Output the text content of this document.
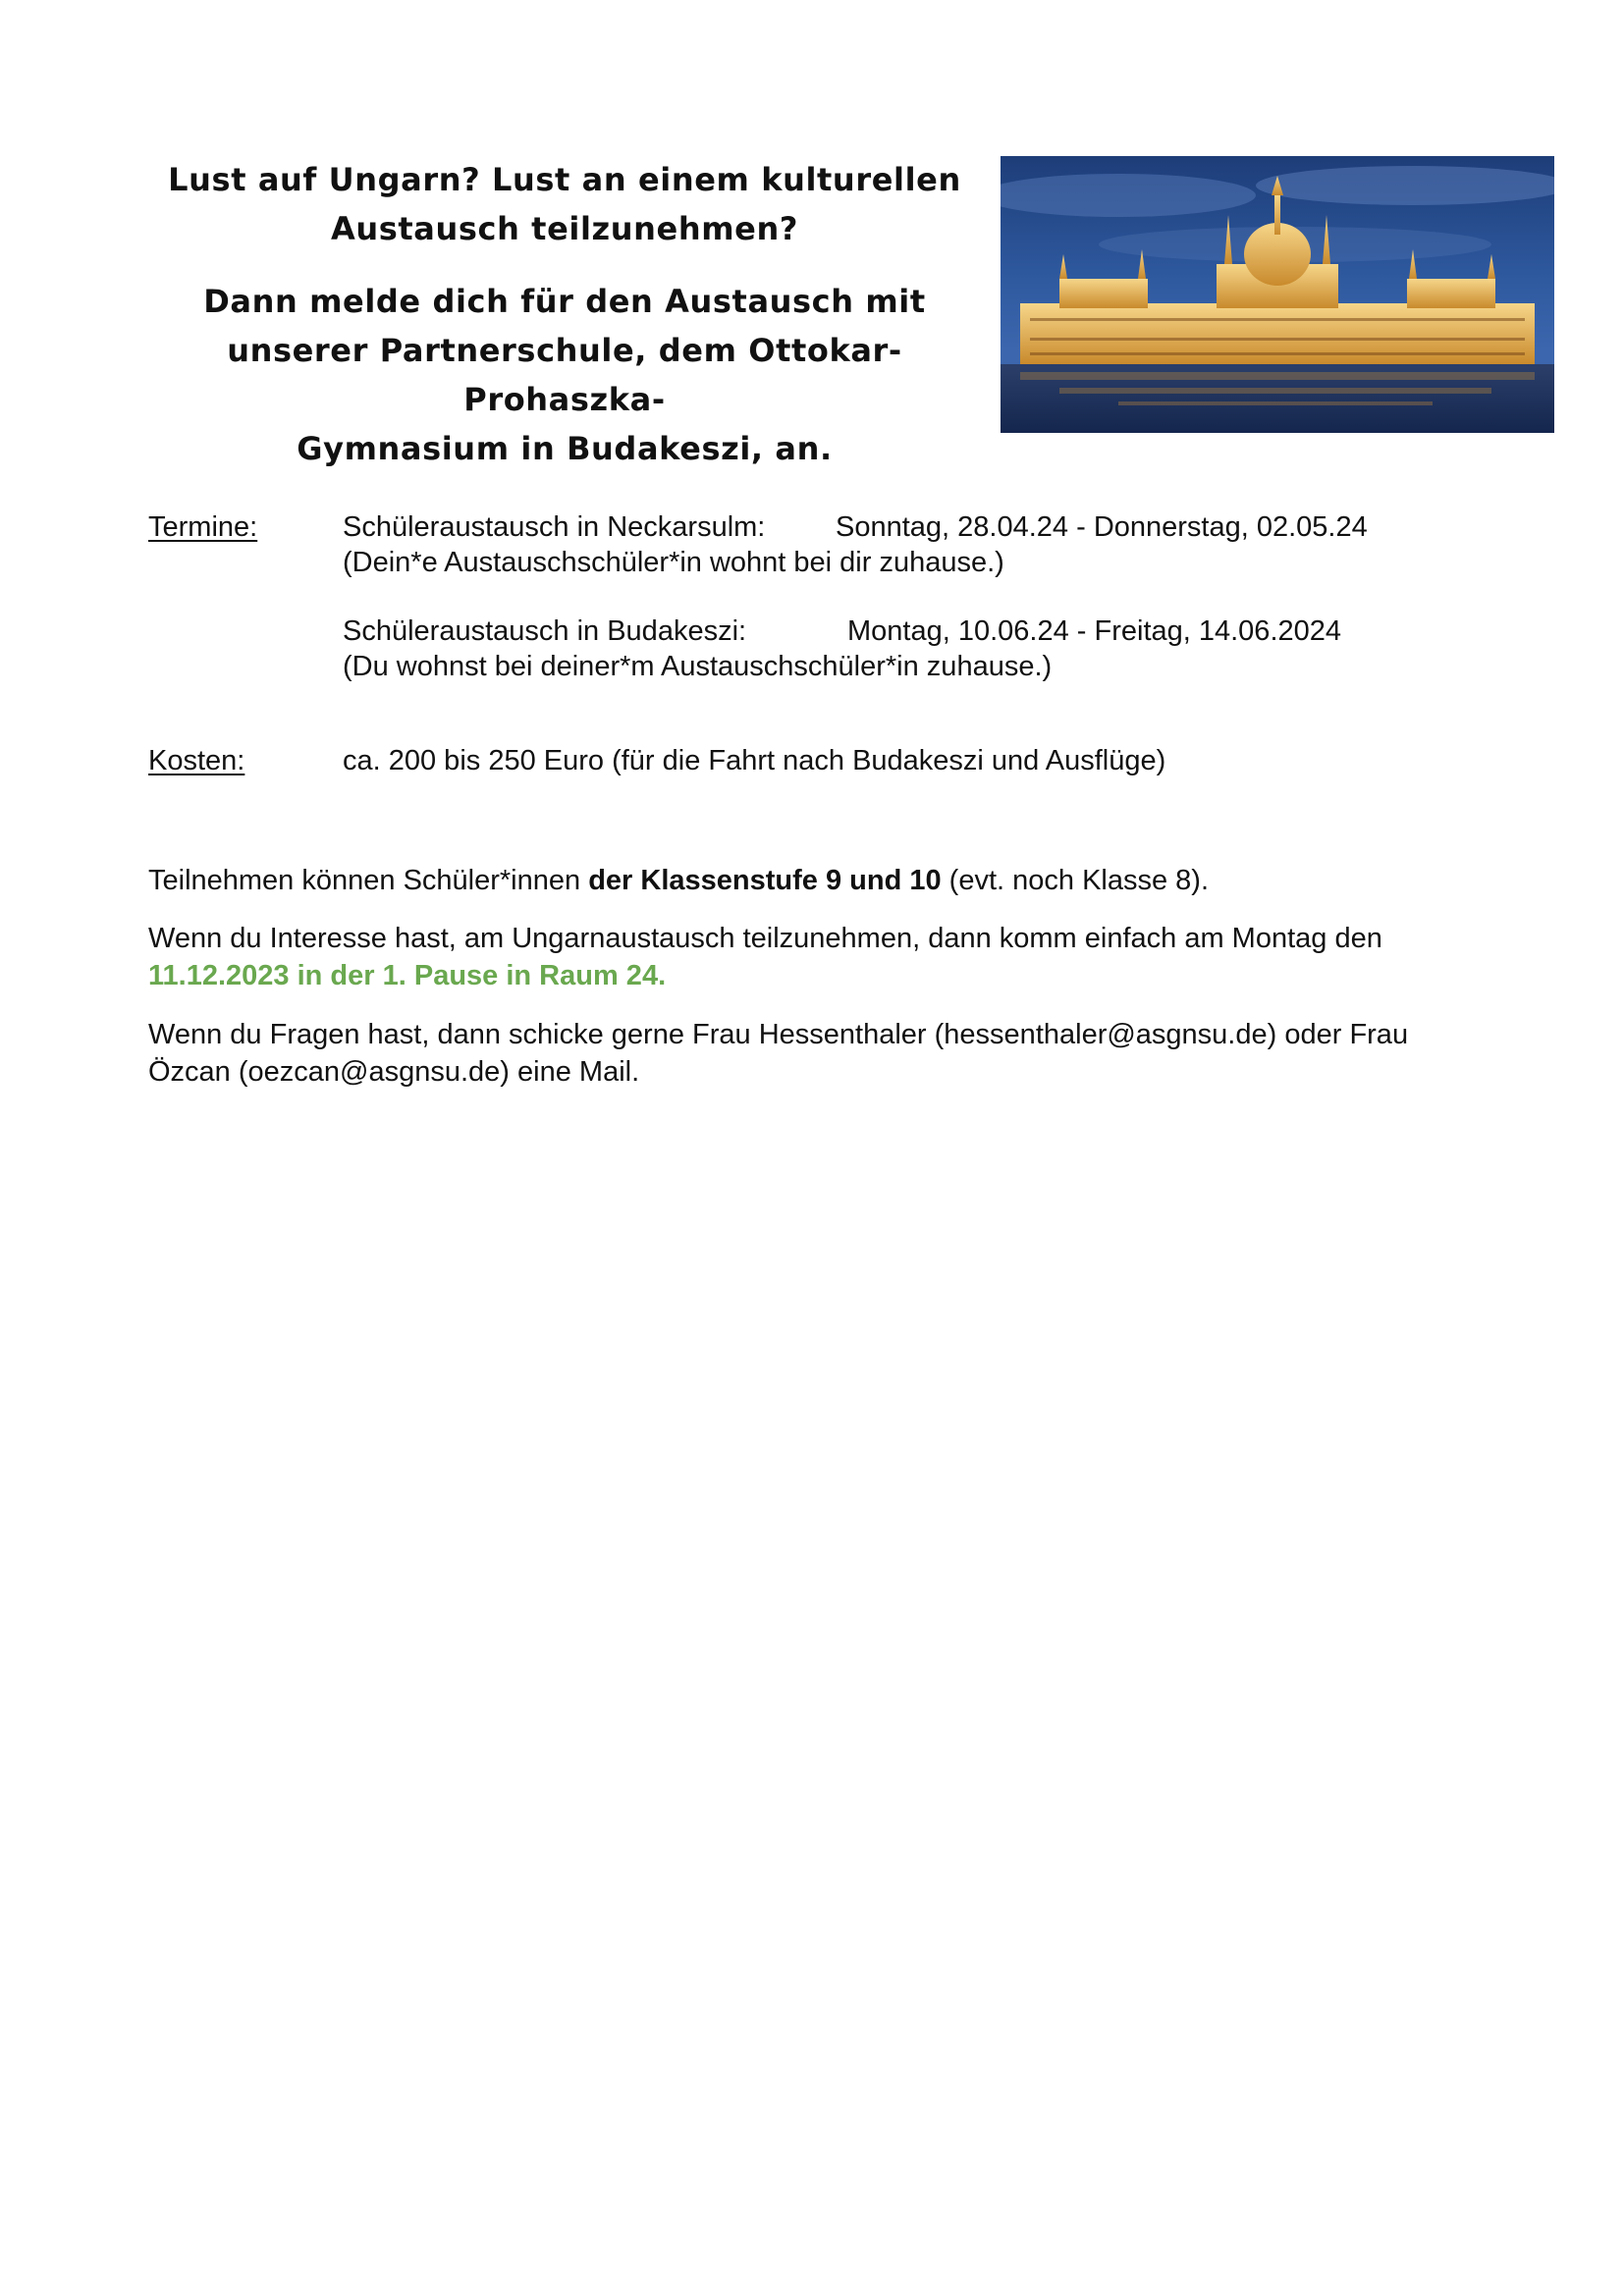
Lust auf Ungarn? Lust an einem kulturellen

Austausch teilzunehmen?

Dann melde dich für den Austausch mit

unserer Partnerschule, dem Ottokar-Prohaszka-

Gymnasium in Budakeszi, an.

Termine:	Schüleraustausch in Neckarsulm: Sonntag, 28.04.24 - Donnerstag, 02.05.24
(Dein*e Austauschschüler*in wohnt bei dir zuhause.)
Schüleraustausch in Budakeszi:	Montag, 10.06.24 - Freitag, 14.06.2024
(Du wohnst bei deiner*m Austauschschüler*in zuhause.)
Kosten:	ca. 200 bis 250 Euro (für die Fahrt nach Budakeszi und Ausflüge)

Teilnehmen können Schüler*innen der Klassenstufe 9 und 10 (evt. noch Klasse 8).

Wenn du Interesse hast, am Ungarnaustausch teilzunehmen, dann komm einfach am Montag den

11.12.2023 in der 1. Pause in Raum 24.

Wenn du Fragen hast, dann schicke gerne Frau Hessenthaler (hessenthaler@asgnsu.de) oder Frau

Özcan (oezcan@asgnsu.de) eine Mail.
